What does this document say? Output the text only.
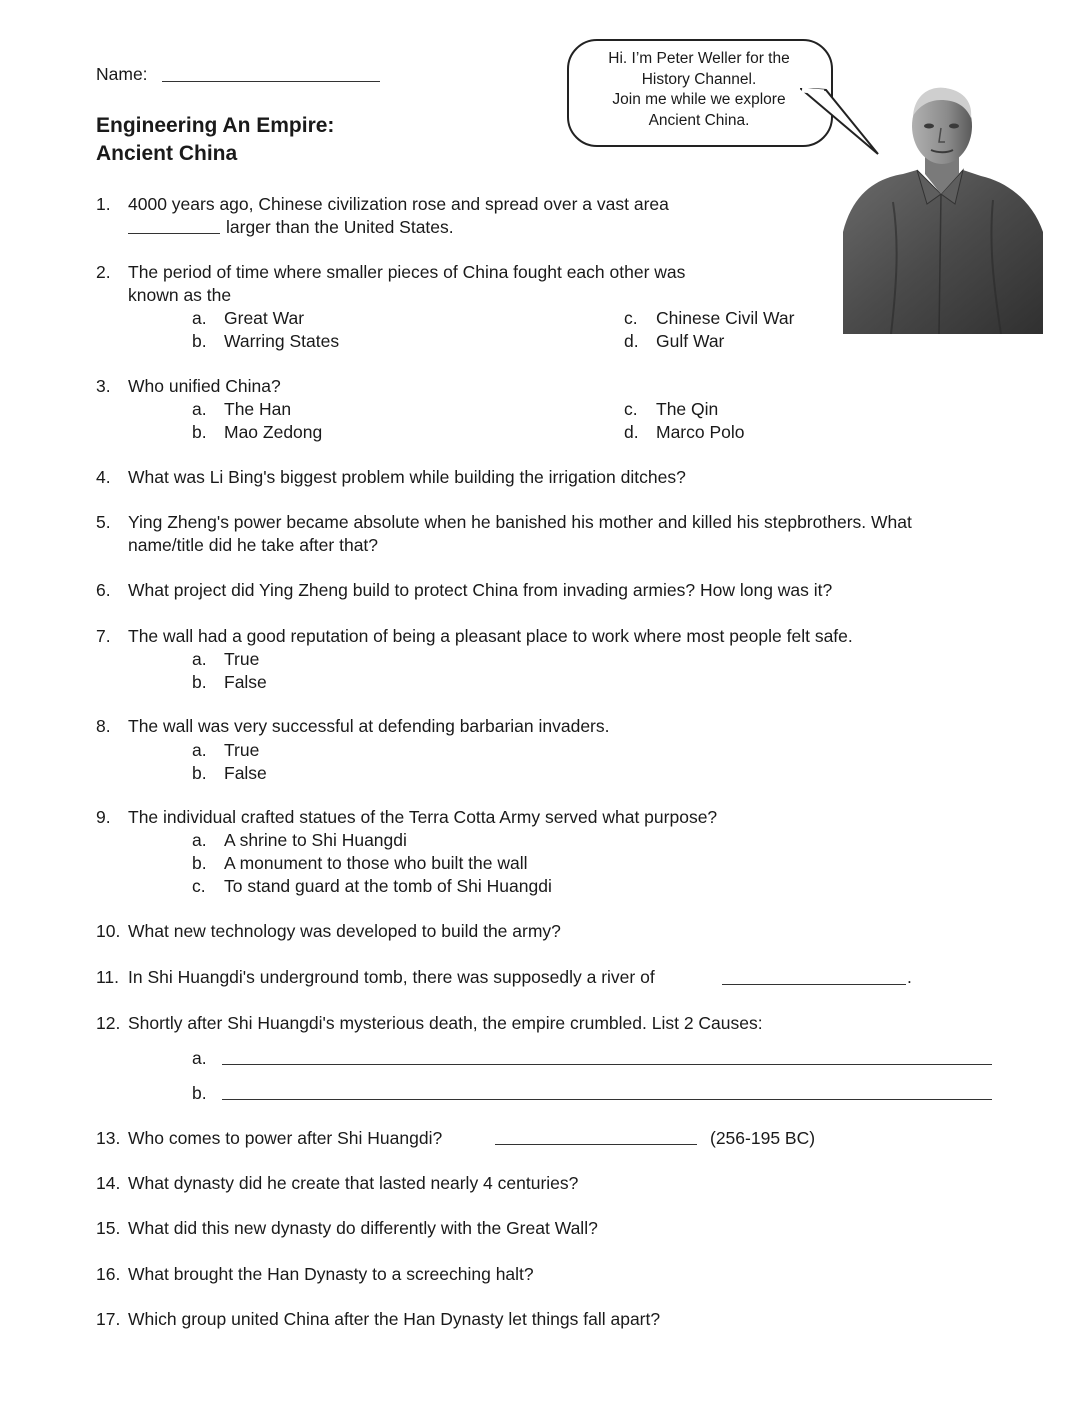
Name:
Engineering An Empire:
Ancient China
Hi. I’m Peter Weller for the
History Channel.
Join me while we explore
Ancient China.
1. 4000 years ago, Chinese civilization rose and spread over a vast area
larger than the United States.
2. The period of time where smaller pieces of China fought each other was
known as the
a. Great War
b. Warring States
c. Chinese Civil War
d. Gulf War
3. Who unified China?
a. The Han
b. Mao Zedong
c. The Qin
d. Marco Polo
4. What was Li Bing's biggest problem while building the irrigation ditches?
5. Ying Zheng's power became absolute when he banished his mother and killed his stepbrothers. What
name/title did he take after that?
6. What project did Ying Zheng build to protect China from invading armies? How long was it?
7. The wall had a good reputation of being a pleasant place to work where most people felt safe.
a. True
b. False
8. The wall was very successful at defending barbarian invaders.
a. True
b. False
9. The individual crafted statues of the Terra Cotta Army served what purpose?
a. A shrine to Shi Huangdi
b. A monument to those who built the wall
c. To stand guard at the tomb of Shi Huangdi
10. What new technology was developed to build the army?
11. In Shi Huangdi's underground tomb, there was supposedly a river of	.
12. Shortly after Shi Huangdi's mysterious death, the empire crumbled. List 2 Causes:
a.
b.
13. Who comes to power after Shi Huangdi?	(256-195 BC)
14. What dynasty did he create that lasted nearly 4 centuries?
15. What did this new dynasty do differently with the Great Wall?
16. What brought the Han Dynasty to a screeching halt?
17. Which group united China after the Han Dynasty let things fall apart?
